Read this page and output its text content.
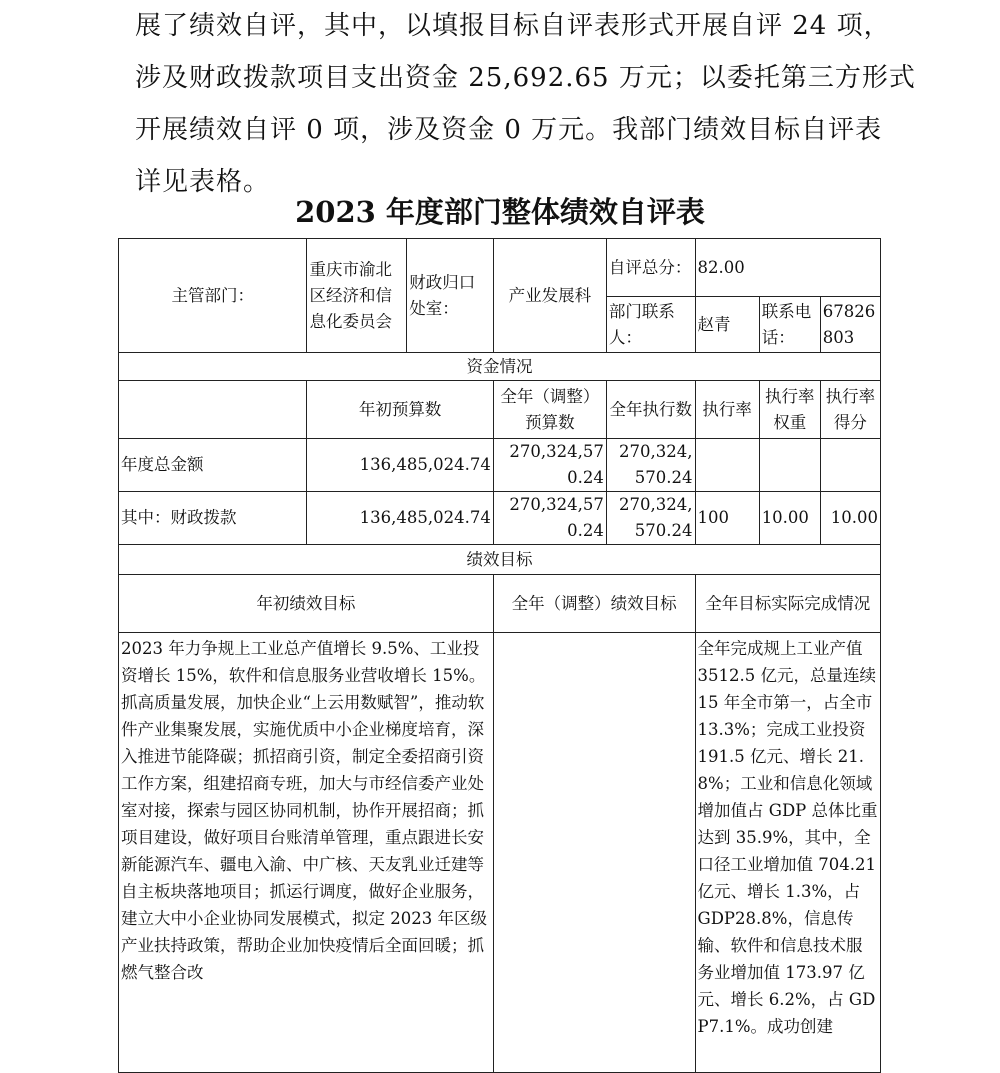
展了绩效自评，其中，以填报目标自评表形式开展自评 24 项，
涉及财政拨款项目支出资金 25,692.65 万元；以委托第三方形式
开展绩效自评 0 项，涉及资金 0 万元。我部门绩效目标自评表
详见表格。
2023 年度部门整体绩效自评表
主管部门：	重庆市渝北区经济和信息化委员会	财政归口处室：	产业发展科	自评总分：	82.00		
				部门联系人：	赵青	联系电话：	67826803
资金情况							
	年初预算数		全年（调整）预算数	全年执行数	执行率	执行率权重	执行率得分
年度总金额	136,485,024.74		270,324,570.24	270,324,570.24			
其中：财政拨款	136,485,024.74		270,324,570.24	270,324,570.24	100	10.00	10.00
绩效目标							
年初绩效目标			全年（调整）绩效目标		全年目标实际完成情况		
2023 年力争规上工业总产值增长 9.5%、工业投资增长 15%，软件和信息服务业营收增长 15%。抓高质量发展，加快企业“上云用数赋智”，推动软件产业集聚发展，实施优质中小企业梯度培育，深入推进节能降碳；抓招商引资，制定全委招商引资工作方案，组建招商专班，加大与市经信委产业处室对接，探索与园区协同机制，协作开展招商；抓项目建设，做好项目台账清单管理，重点跟进长安新能源汽车、疆电入渝、中广核、天友乳业迁建等自主板块落地项目；抓运行调度，做好企业服务，建立大中小企业协同发展模式，拟定 2023 年区级产业扶持政策，帮助企业加快疫情后全面回暖；抓燃气整合改					全年完成规上工业产值 3512.5 亿元，总量连续 15 年全市第一，占全市 13.3%；完成工业投资 191.5 亿元、增长 21.8%；工业和信息化领域增加值占 GDP 总体比重达到 35.9%，其中，全口径工业增加值 704.21 亿元、增长 1.3%，占 GDP28.8%，信息传输、软件和信息技术服务业增加值 173.97 亿元、增长 6.2%，占 GDP7.1%。成功创建		
